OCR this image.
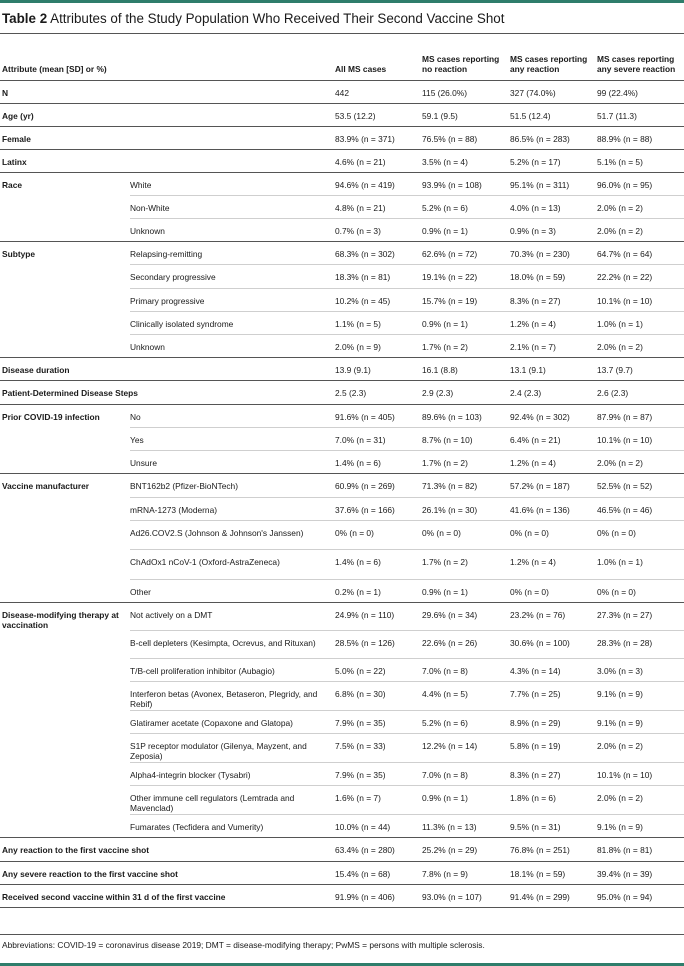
Table 2 Attributes of the Study Population Who Received Their Second Vaccine Shot
Attribute (mean [SD] or %)		All MS cases	MS cases reporting no reaction	MS cases reporting any reaction	MS cases reporting any severe reaction
N		442	115 (26.0%)	327 (74.0%)	99 (22.4%)
Age (yr)		53.5 (12.2)	59.1 (9.5)	51.5 (12.4)	51.7 (11.3)
Female		83.9% (n = 371)	76.5% (n = 88)	86.5% (n = 283)	88.9% (n = 88)
Latinx		4.6% (n = 21)	3.5% (n = 4)	5.2% (n = 17)	5.1% (n = 5)
Race	White	94.6% (n = 419)	93.9% (n = 108)	95.1% (n = 311)	96.0% (n = 95)
	Non-White	4.8% (n = 21)	5.2% (n = 6)	4.0% (n = 13)	2.0% (n = 2)
	Unknown	0.7% (n = 3)	0.9% (n = 1)	0.9% (n = 3)	2.0% (n = 2)
Subtype	Relapsing-remitting	68.3% (n = 302)	62.6% (n = 72)	70.3% (n = 230)	64.7% (n = 64)
	Secondary progressive	18.3% (n = 81)	19.1% (n = 22)	18.0% (n = 59)	22.2% (n = 22)
	Primary progressive	10.2% (n = 45)	15.7% (n = 19)	8.3% (n = 27)	10.1% (n = 10)
	Clinically isolated syndrome	1.1% (n = 5)	0.9% (n = 1)	1.2% (n = 4)	1.0% (n = 1)
	Unknown	2.0% (n = 9)	1.7% (n = 2)	2.1% (n = 7)	2.0% (n = 2)
Disease duration		13.9 (9.1)	16.1 (8.8)	13.1 (9.1)	13.7 (9.7)
Patient-Determined Disease Steps		2.5 (2.3)	2.9 (2.3)	2.4 (2.3)	2.6 (2.3)
Prior COVID-19 infection	No	91.6% (n = 405)	89.6% (n = 103)	92.4% (n = 302)	87.9% (n = 87)
	Yes	7.0% (n = 31)	8.7% (n = 10)	6.4% (n = 21)	10.1% (n = 10)
	Unsure	1.4% (n = 6)	1.7% (n = 2)	1.2% (n = 4)	2.0% (n = 2)
Vaccine manufacturer	BNT162b2 (Pfizer-BioNTech)	60.9% (n = 269)	71.3% (n = 82)	57.2% (n = 187)	52.5% (n = 52)
	mRNA-1273 (Moderna)	37.6% (n = 166)	26.1% (n = 30)	41.6% (n = 136)	46.5% (n = 46)
	Ad26.COV2.S (Johnson & Johnson's Janssen)	0% (n = 0)	0% (n = 0)	0% (n = 0)	0% (n = 0)
	ChAdOx1 nCoV-1 (Oxford-AstraZeneca)	1.4% (n = 6)	1.7% (n = 2)	1.2% (n = 4)	1.0% (n = 1)
	Other	0.2% (n = 1)	0.9% (n = 1)	0% (n = 0)	0% (n = 0)
Disease-modifying therapy at vaccination	Not actively on a DMT	24.9% (n = 110)	29.6% (n = 34)	23.2% (n = 76)	27.3% (n = 27)
	B-cell depleters (Kesimpta, Ocrevus, and Rituxan)	28.5% (n = 126)	22.6% (n = 26)	30.6% (n = 100)	28.3% (n = 28)
	T/B-cell proliferation inhibitor (Aubagio)	5.0% (n = 22)	7.0% (n = 8)	4.3% (n = 14)	3.0% (n = 3)
	Interferon betas (Avonex, Betaseron, Plegridy, and Rebif)	6.8% (n = 30)	4.4% (n = 5)	7.7% (n = 25)	9.1% (n = 9)
	Glatiramer acetate (Copaxone and Glatopa)	7.9% (n = 35)	5.2% (n = 6)	8.9% (n = 29)	9.1% (n = 9)
	S1P receptor modulator (Gilenya, Mayzent, and Zeposia)	7.5% (n = 33)	12.2% (n = 14)	5.8% (n = 19)	2.0% (n = 2)
	Alpha4-integrin blocker (Tysabri)	7.9% (n = 35)	7.0% (n = 8)	8.3% (n = 27)	10.1% (n = 10)
	Other immune cell regulators (Lemtrada and Mavenclad)	1.6% (n = 7)	0.9% (n = 1)	1.8% (n = 6)	2.0% (n = 2)
	Fumarates (Tecfidera and Vumerity)	10.0% (n = 44)	11.3% (n = 13)	9.5% (n = 31)	9.1% (n = 9)
Any reaction to the first vaccine shot		63.4% (n = 280)	25.2% (n = 29)	76.8% (n = 251)	81.8% (n = 81)
Any severe reaction to the first vaccine shot		15.4% (n = 68)	7.8% (n = 9)	18.1% (n = 59)	39.4% (n = 39)
Received second vaccine within 31 d of the first vaccine		91.9% (n = 406)	93.0% (n = 107)	91.4% (n = 299)	95.0% (n = 94)
Abbreviations: COVID-19 = coronavirus disease 2019; DMT = disease-modifying therapy; PwMS = persons with multiple sclerosis.
